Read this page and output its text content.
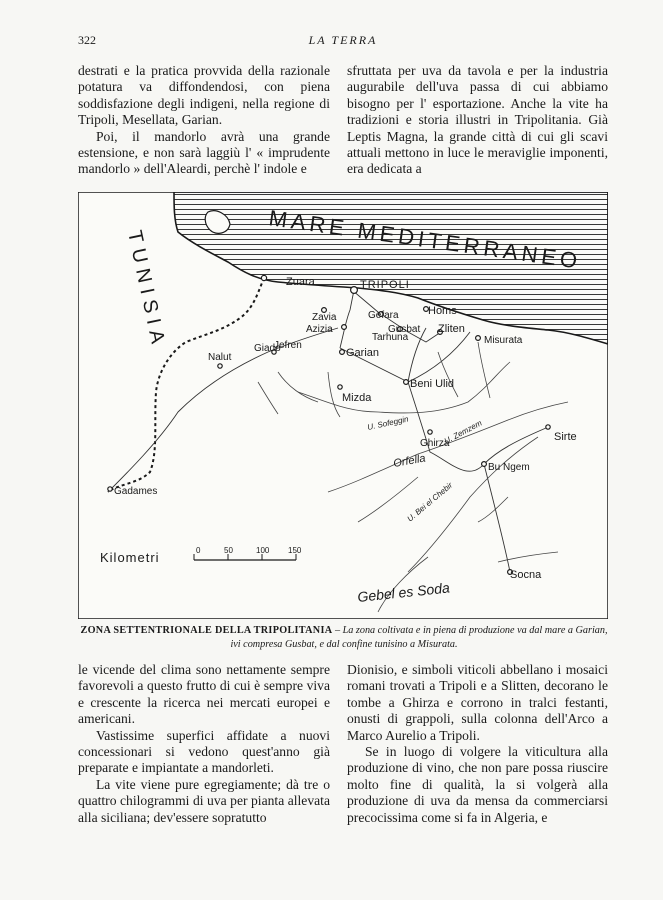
322	LA TERRA

destrati e la pratica provvida della razionale potatura va diffondendosi, con piena soddisfazione degli indigeni, nella regione di Tripoli, Mesellata, Garian.

Poi, il mandorlo avrà una grande estensione, e non sarà laggiù l' « imprudente mandorlo » dell'Aleardi, perchè l' indole e

sfruttata per uva da tavola e per la industria augurabile dell'uva passa di cui abbiamo bisogno per l' esportazione. Anche la vite ha tradizioni e storia illustri in Tripolitania. Già Leptis Magna, la grande città di cui gli scavi attuali mettono in luce le meraviglie imponenti, era dedicata a

MARE MEDITERRANEO
TUNISIA	Zuara	TRIPOLI
Zavia
Azizia
Gefara
Gusbat
Tarhuna
Homs
Zliten
Misurata
Nalut
Giado
Jefren
Garian
Beni Ulid
Mizda
Ghirza
Sirte
Bu Ngem
Gadames
Socna
Orfella
U. Sofeggin	U. Zemzem
U. Bei el Chebir
Gebel es Soda
Kilometri	0	50	100 150
ZONA SETTENTRIONALE DELLA TRIPOLITANIA – La zona coltivata e in piena di produzione va dal mare a Garian, ivi compresa Gusbat, e dal confine tunisino a Misurata.

le vicende del clima sono nettamente sempre favorevoli a questo frutto di cui è sempre viva e crescente la ricerca nei mercati europei e americani.

Vastissime superfici affidate a nuovi concessionari si vedono quest'anno già preparate e impiantate a mandorleti.

La vite viene pure egregiamente; dà tre o quattro chilogrammi di uva per pianta allevata alla siciliana; dev'essere sopratutto

Dionisio, e simboli viticoli abbellano i mosaici romani trovati a Tripoli e a Slitten, decorano le tombe a Ghirza e corrono in tralci festanti, onusti di grappoli, sulla colonna dell'Arco a Marco Aurelio a Tripoli.

Se in luogo di volgere la viticultura alla produzione di vino, che non pare possa riuscire molto fine di qualità, la si volgerà alla produzione di uva da mensa da commerciarsi precocissima come si fa in Algeria, e
